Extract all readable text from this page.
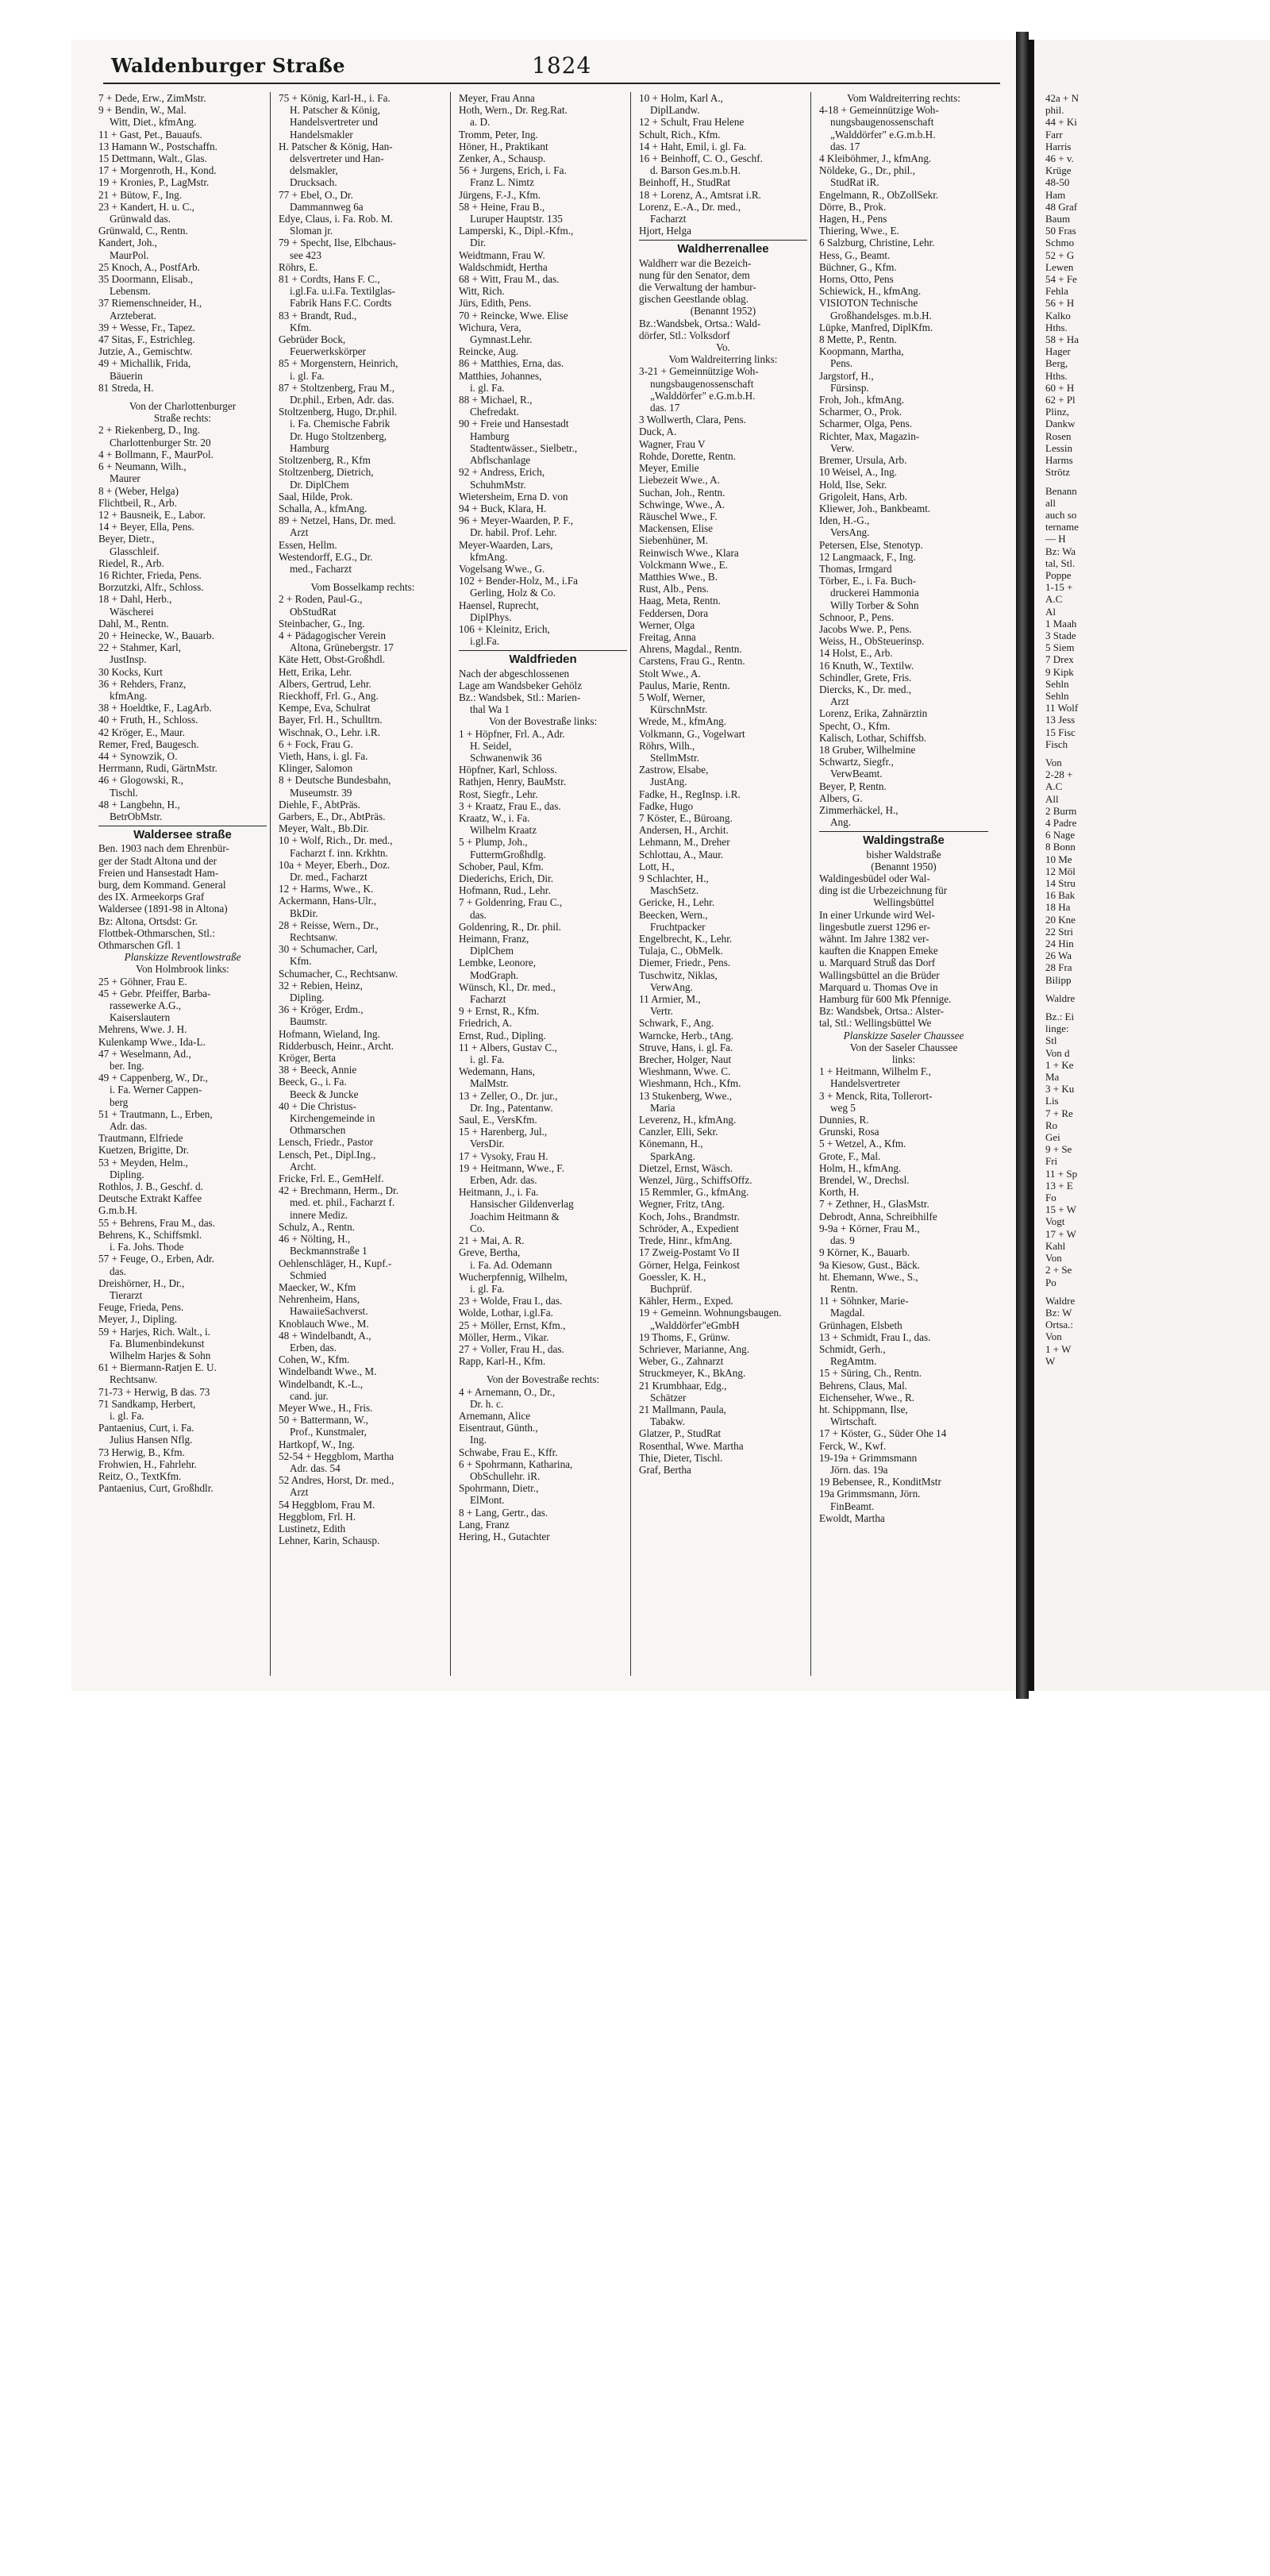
Waldenburger Straße	1824
7 + Dede, Erw., ZimMstr.
9 + Bendin, W., Mal.
Witt, Diet., kfmAng.
11 + Gast, Pet., Bauaufs.
13 Hamann W., Postschaffn.
15 Dettmann, Walt., Glas.
17 + Morgenroth, H., Kond.
19 + Kronies, P., LagMstr.
21 + Bütow, F., Ing.
23 + Kandert, H. u. C.,
Grünwald das.
Grünwald, C., Rentn.
Kandert, Joh.,
MaurPol.
25 Knoch, A., PostfArb.
35 Doormann, Elisab.,
Lebensm.
37 Riemenschneider, H.,
Arzteberat.
39 + Wesse, Fr., Tapez.
47 Sitas, F., Estrichleg.
Jutzie, A., Gemischtw.
49 + Michallik, Frida,
Bäuerin
81 Streda, H.
Von der Charlottenburger
Straße rechts:
2 + Riekenberg, D., Ing.
Charlottenburger Str. 20
4 + Bollmann, F., MaurPol.
6 + Neumann, Wilh.,
Maurer
8 + (Weber, Helga)
Flichtbeil, R., Arb.
12 + Bausneik, E., Labor.
14 + Beyer, Ella, Pens.
Beyer, Dietr.,
Glasschleif.
Riedel, R., Arb.
16 Richter, Frieda, Pens.
Borzutzki, Alfr., Schloss.
18 + Dahl, Herb.,
Wäscherei
Dahl, M., Rentn.
20 + Heinecke, W., Bauarb.
22 + Stahmer, Karl,
JustInsp.
30 Kocks, Kurt
36 + Rehders, Franz,
kfmAng.
38 + Hoeldtke, F., LagArb.
40 + Fruth, H., Schloss.
42 Kröger, E., Maur.
Remer, Fred, Baugesch.
44 + Synowzik, O.
Herrmann, Rudi, GärtnMstr.
46 + Glogowski, R.,
Tischl.
48 + Langbehn, H.,
BetrObMstr.
Waldersee straße
Ben. 1903 nach dem Ehrenbür-
ger der Stadt Altona und der
Freien und Hansestadt Ham-
burg, dem Kommand. General
des IX. Armeekorps Graf
Waldersee (1891-98 in Altona)
Bz: Altona, Ortsdst: Gr.
Flottbek-Othmarschen, Stl.:
Othmarschen Gfl. 1
Planskizze Reventlowstraße
Von Holmbrook links:
25 + Göhner, Frau E.
45 + Gebr. Pfeiffer, Barba-
rassewerke A.G.,
Kaiserslautern
Mehrens, Wwe. J. H.
Kulenkamp Wwe., Ida-L.
47 + Weselmann, Ad.,
ber. Ing.
49 + Cappenberg, W., Dr.,
i. Fa. Werner Cappen-
berg
51 + Trautmann, L., Erben,
Adr. das.
Trautmann, Elfriede
Kuetzen, Brigitte, Dr.
53 + Meyden, Helm.,
Dipling.
Rothlos, J. B., Geschf. d.
Deutsche Extrakt Kaffee
G.m.b.H.
55 + Behrens, Frau M., das.
Behrens, K., Schiffsmkl.
i. Fa. Johs. Thode
57 + Feuge, O., Erben, Adr.
das.
Dreishörner, H., Dr.,
Tierarzt
Feuge, Frieda, Pens.
Meyer, J., Dipling.
59 + Harjes, Rich. Walt., i.
Fa. Blumenbindekunst
Wilhelm Harjes & Sohn
61 + Biermann-Ratjen E. U.
Rechtsanw.
71-73 + Herwig, B das. 73
71 Sandkamp, Herbert,
i. gl. Fa.
Pantaenius, Curt, i. Fa.
Julius Hansen Nflg.
73 Herwig, B., Kfm.
Frohwien, H., Fahrlehr.
Reitz, O., TextKfm.
Pantaenius, Curt, Großhdlr.
75 + König, Karl-H., i. Fa.
H. Patscher & König,
Handelsvertreter und
Handelsmakler
H. Patscher & König, Han-
delsvertreter und Han-
delsmakler,
Drucksach.
77 + Ebel, O., Dr.
Dammannweg 6a
Edye, Claus, i. Fa. Rob. M.
Sloman jr.
79 + Specht, Ilse, Elbchaus-
see 423
Röhrs, E.
81 + Cordts, Hans F. C.,
i.gl.Fa. u.i.Fa. Textilglas-
Fabrik Hans F.C. Cordts
83 + Brandt, Rud.,
Kfm.
Gebrüder Bock,
Feuerwerkskörper
85 + Morgenstern, Heinrich,
i. gl. Fa.
87 + Stoltzenberg, Frau M.,
Dr.phil., Erben, Adr. das.
Stoltzenberg, Hugo, Dr.phil.
i. Fa. Chemische Fabrik
Dr. Hugo Stoltzenberg,
Hamburg
Stoltzenberg, R., Kfm
Stoltzenberg, Dietrich,
Dr. DiplChem
Saal, Hilde, Prok.
Schalla, A., kfmAng.
89 + Netzel, Hans, Dr. med.
Arzt
Essen, Hellm.
Westendorff, E.G., Dr.
med., Facharzt
Vom Bosselkamp rechts:
2 + Roden, Paul-G.,
ObStudRat
Steinbacher, G., Ing.
4 + Pädagogischer Verein
Altona, Grünebergstr. 17
Käte Hett, Obst-Großhdl.
Hett, Erika, Lehr.
Albers, Gertrud, Lehr.
Rieckhoff, Frl. G., Ang.
Kempe, Eva, Schulrat
Bayer, Frl. H., Schulltrn.
Wischnak, O., Lehr. i.R.
6 + Fock, Frau G.
Vieth, Hans, i. gl. Fa.
Klinger, Salomon
8 + Deutsche Bundesbahn,
Museumstr. 39
Diehle, F., AbtPräs.
Garbers, E., Dr., AbtPräs.
Meyer, Walt., Bb.Dir.
10 + Wolf, Rich., Dr. med.,
Facharzt f. inn. Krkhtn.
10a + Meyer, Eberh., Doz.
Dr. med., Facharzt
12 + Harms, Wwe., K.
Ackermann, Hans-Ulr.,
BkDir.
28 + Reisse, Wern., Dr.,
Rechtsanw.
30 + Schumacher, Carl,
Kfm.
Schumacher, C., Rechtsanw.
32 + Rebien, Heinz,
Dipling.
36 + Kröger, Erdm.,
Baumstr.
Hofmann, Wieland, Ing.
Ridderbusch, Heinr., Archt.
Kröger, Berta
38 + Beeck, Annie
Beeck, G., i. Fa.
Beeck & Juncke
40 + Die Christus-
Kirchengemeinde in
Othmarschen
Lensch, Friedr., Pastor
Lensch, Pet., Dipl.Ing.,
Archt.
Fricke, Frl. E., GemHelf.
42 + Brechmann, Herm., Dr.
med. et. phil., Facharzt f.
innere Mediz.
Schulz, A., Rentn.
46 + Nölting, H.,
Beckmannstraße 1
Oehlenschläger, H., Kupf.-
Schmied
Maecker, W., Kfm
Nehrenheim, Hans,
HawaiieSachverst.
Knoblauch Wwe., M.
48 + Windelbandt, A.,
Erben, das.
Cohen, W., Kfm.
Windelbandt Wwe., M.
Windelbandt, K.-L.,
cand. jur.
Meyer Wwe., H., Fris.
50 + Battermann, W.,
Prof., Kunstmaler,
Hartkopf, W., Ing.
52-54 + Heggblom, Martha
Adr. das. 54
52 Andres, Horst, Dr. med.,
Arzt
54 Heggblom, Frau M.
Heggblom, Frl. H.
Lustinetz, Edith
Lehner, Karin, Schausp.
Meyer, Frau Anna
Hoth, Wern., Dr. Reg.Rat.
a. D.
Tromm, Peter, Ing.
Höner, H., Praktikant
Zenker, A., Schausp.
56 + Jurgens, Erich, i. Fa.
Franz L. Nimtz
Jürgens, F.-J., Kfm.
58 + Heine, Frau B.,
Luruper Hauptstr. 135
Lamperski, K., Dipl.-Kfm.,
Dir.
Weidtmann, Frau W.
Waldschmidt, Hertha
68 + Witt, Frau M., das.
Witt, Rich.
Jürs, Edith, Pens.
70 + Reincke, Wwe. Elise
Wichura, Vera,
Gymnast.Lehr.
Reincke, Aug.
86 + Matthies, Erna, das.
Matthies, Johannes,
i. gl. Fa.
88 + Michael, R.,
Chefredakt.
90 + Freie und Hansestadt
Hamburg
Stadtentwässer., Sielbetr.,
Abflschanlage
92 + Andress, Erich,
SchuhmMstr.
Wietersheim, Erna D. von
94 + Buck, Klara, H.
96 + Meyer-Waarden, P. F.,
Dr. habil. Prof. Lehr.
Meyer-Waarden, Lars,
kfmAng.
Vogelsang Wwe., G.
102 + Bender-Holz, M., i.Fa
Gerling, Holz & Co.
Haensel, Ruprecht,
DiplPhys.
106 + Kleinitz, Erich,
i.gl.Fa.
Waldfrieden
Nach der abgeschlossenen
Lage am Wandsbeker Gehölz
Bz.: Wandsbek, Stl.: Marien-
thal Wa 1
Von der Bovestraße links:
1 + Höpfner, Frl. A., Adr.
H. Seidel,
Schwanenwik 36
Höpfner, Karl, Schloss.
Rathjen, Henry, BauMstr.
Rost, Siegfr., Lehr.
3 + Kraatz, Frau E., das.
Kraatz, W., i. Fa.
Wilhelm Kraatz
5 + Plump, Joh.,
FuttermGroßhdlg.
Schober, Paul, Kfm.
Diederichs, Erich, Dir.
Hofmann, Rud., Lehr.
7 + Goldenring, Frau C.,
das.
Goldenring, R., Dr. phil.
Heimann, Franz,
DiplChem
Lembke, Leonore,
ModGraph.
Wünsch, Kl., Dr. med.,
Facharzt
9 + Ernst, R., Kfm.
Friedrich, A.
Ernst, Rud., Dipling.
11 + Albers, Gustav C.,
i. gl. Fa.
Wedemann, Hans,
MalMstr.
13 + Zeller, O., Dr. jur.,
Dr. Ing., Patentanw.
Saul, E., VersKfm.
15 + Harenberg, Jul.,
VersDir.
17 + Vysoky, Frau H.
19 + Heitmann, Wwe., F.
Erben, Adr. das.
Heitmann, J., i. Fa.
Hansischer Gildenverlag
Joachim Heitmann &
Co.
21 + Mai, A. R.
Greve, Bertha,
i. Fa. Ad. Odemann
Wucherpfennig, Wilhelm,
i. gl. Fa.
23 + Wolde, Frau I., das.
Wolde, Lothar, i.gl.Fa.
25 + Möller, Ernst, Kfm.,
Möller, Herm., Vikar.
27 + Voller, Frau H., das.
Rapp, Karl-H., Kfm.
Von der Bovestraße rechts:
4 + Arnemann, O., Dr.,
Dr. h. c.
Arnemann, Alice
Eisentraut, Günth.,
Ing.
Schwabe, Frau E., Kffr.
6 + Spohrmann, Katharina,
ObSchullehr. iR.
Spohrmann, Dietr.,
ElMont.
8 + Lang, Gertr., das.
Lang, Franz
Hering, H., Gutachter
10 + Holm, Karl A.,
DiplLandw.
12 + Schult, Frau Helene
Schult, Rich., Kfm.
14 + Haht, Emil, i. gl. Fa.
16 + Beinhoff, C. O., Geschf.
d. Barson Ges.m.b.H.
Beinhoff, H., StudRat
18 + Lorenz, A., Amtsrat i.R.
Lorenz, E.-A., Dr. med.,
Facharzt
Hjort, Helga
Waldherrenallee
Waldherr war die Bezeich-
nung für den Senator, dem
die Verwaltung der hambur-
gischen Geestlande oblag.
(Benannt 1952)
Bz.:Wandsbek, Ortsa.: Wald-
dörfer, Stl.: Volksdorf
Vo.
Vom Waldreiterring links:
3-21 + Gemeinnützige Woh-
nungsbaugenossenschaft
„Walddörfer" e.G.m.b.H.
das. 17
3 Wollwerth, Clara, Pens.
Duck, A.
Wagner, Frau V
Rohde, Dorette, Rentn.
Meyer, Emilie
Liebezeit Wwe., A.
Suchan, Joh., Rentn.
Schwinge, Wwe., A.
Räuschel Wwe., F.
Mackensen, Elise
Siebenhüner, M.
Reinwisch Wwe., Klara
Volckmann Wwe., E.
Matthies Wwe., B.
Rust, Alb., Pens.
Haag, Meta, Rentn.
Feddersen, Dora
Werner, Olga
Freitag, Anna
Ahrens, Magdal., Rentn.
Carstens, Frau G., Rentn.
Stolt Wwe., A.
Paulus, Marie, Rentn.
5 Wolf, Werner,
KürschnMstr.
Wrede, M., kfmAng.
Volkmann, G., Vogelwart
Röhrs, Wilh.,
StellmMstr.
Zastrow, Elsabe,
JustAng.
Fadke, H., RegInsp. i.R.
Fadke, Hugo
7 Köster, E., Büroang.
Andersen, H., Archit.
Lehmann, M., Dreher
Schlottau, A., Maur.
Lott, H.,
9 Schlachter, H.,
MaschSetz.
Gericke, H., Lehr.
Beecken, Wern.,
Fruchtpacker
Engelbrecht, K., Lehr.
Tulaja, C., ObMelk.
Diemer, Friedr., Pens.
Tuschwitz, Niklas,
VerwAng.
11 Armier, M.,
Vertr.
Schwark, F., Ang.
Warncke, Herb., tAng.
Struve, Hans, i. gl. Fa.
Brecher, Holger, Naut
Wieshmann, Wwe. C.
Wieshmann, Hch., Kfm.
13 Stukenberg, Wwe.,
Maria
Leverenz, H., kfmAng.
Canzler, Elli, Sekr.
Könemann, H.,
SparkAng.
Dietzel, Ernst, Wäsch.
Wenzel, Jürg., SchiffsOffz.
15 Remmler, G., kfmAng.
Wegner, Fritz, tAng.
Koch, Johs., Brandmstr.
Schröder, A., Expedient
Trede, Hinr., kfmAng.
17 Zweig-Postamt Vo II
Görner, Helga, Feinkost
Goessler, K. H.,
Buchprüf.
Kähler, Herm., Exped.
19 + Gemeinn. Wohnungsbaugen.
„Walddörfer"eGmbH
19 Thoms, F., Grünw.
Schriever, Marianne, Ang.
Weber, G., Zahnarzt
Struckmeyer, K., BkAng.
21 Krumbhaar, Edg.,
Schätzer
21 Mallmann, Paula,
Tabakw.
Glatzer, P., StudRat
Rosenthal, Wwe. Martha
Thie, Dieter, Tischl.
Graf, Bertha
Vom Waldreiterring rechts:
4-18 + Gemeinnützige Woh-
nungsbaugenossenschaft
„Walddörfer" e.G.m.b.H.
das. 17
4 Kleiböhmer, J., kfmAng.
Nöldeke, G., Dr., phil.,
StudRat iR.
Engelmann, R., ObZollSekr.
Dörre, B., Prok.
Hagen, H., Pens
Thiering, Wwe., E.
6 Salzburg, Christine, Lehr.
Hess, G., Beamt.
Büchner, G., Kfm.
Horns, Otto, Pens
Schiewick, H., kfmAng.
VISIOTON Technische
Großhandelsges. m.b.H.
Lüpke, Manfred, DiplKfm.
8 Mette, P., Rentn.
Koopmann, Martha,
Pens.
Jargstorf, H.,
Fürsinsp.
Froh, Joh., kfmAng.
Scharmer, O., Prok.
Scharmer, Olga, Pens.
Richter, Max, Magazin-
Verw.
Bremer, Ursula, Arb.
10 Weisel, A., Ing.
Hold, Ilse, Sekr.
Grigoleit, Hans, Arb.
Kliewer, Joh., Bankbeamt.
Iden, H.-G.,
VersAng.
Petersen, Else, Stenotyp.
12 Langmaack, F., Ing.
Thomas, Irmgard
Törber, E., i. Fa. Buch-
druckerei Hammonia
Willy Torber & Sohn
Schnoor, P., Pens.
Jacobs Wwe. P., Pens.
Weiss, H., ObSteuerinsp.
14 Holst, E., Arb.
16 Knuth, W., Textilw.
Schindler, Grete, Fris.
Diercks, K., Dr. med.,
Arzt
Lorenz, Erika, Zahnärztin
Specht, O., Kfm.
Kalisch, Lothar, Schiffsb.
18 Gruber, Wilhelmine
Schwartz, Siegfr.,
VerwBeamt.
Beyer, P, Rentn.
Albers, G.
Zimmerhäckel, H.,
Ang.
Waldingstraße
bisher Waldstraße
(Benannt 1950)
Waldingesbüdel oder Wal-
ding ist die Urbezeichnung für
Wellingsbüttel
In einer Urkunde wird Wel-
lingesbutle zuerst 1296 er-
wähnt. Im Jahre 1382 ver-
kauften die Knappen Emeke
u. Marquard Struß das Dorf
Wallingsbüttel an die Brüder
Marquard u. Thomas Ove in
Hamburg für 600 Mk Pfennige.
Bz: Wandsbek, Ortsa.: Alster-
tal, Stl.: Wellingsbüttel We
Planskizze Saseler Chaussee
Von der Saseler Chaussee
links:
1 + Heitmann, Wilhelm F.,
Handelsvertreter
3 + Menck, Rita, Tollerort-
weg 5
Dunnies, R.
Grunski, Rosa
5 + Wetzel, A., Kfm.
Grote, F., Mal.
Holm, H., kfmAng.
Brendel, W., Drechsl.
Korth, H.
7 + Zethner, H., GlasMstr.
Debrodt, Anna, Schreibhilfe
9-9a + Körner, Frau M.,
das. 9
9 Körner, K., Bauarb.
9a Kiesow, Gust., Bäck.
ht. Ehemann, Wwe., S.,
Rentn.
11 + Söhnker, Marie-
Magdal.
Grünhagen, Elsbeth
13 + Schmidt, Frau I., das.
Schmidt, Gerh.,
RegAmtm.
15 + Süring, Ch., Rentn.
Behrens, Claus, Mal.
Eichenseher, Wwe., R.
ht. Schippmann, Ilse,
Wirtschaft.
17 + Köster, G., Süder Ohe 14
Ferck, W., Kwf.
19-19a + Grimmsmann
Jörn. das. 19a
19 Bebensee, R., KonditMstr
19a Grimmsmann, Jörn.
FinBeamt.
Ewoldt, Martha
42a + N
phil.
44 + Ki
Farr
Harris
46 + v.
Krüge
48-50
Ham
48 Graf
Baum
50 Fras
Schmo
52 + G
Lewen
54 + Fe
Fehla
56 + H
Kalko
Hths.
58 + Ha
Hager
Berg,
Hths.
60 + H
62 + Pl
Plinz,
Dankw
Rosen
Lessin
Harms
Strötz
Benann
all
auch so
tername
— H
Bz: Wa
tal, Stl.
Poppe
1-15 +
A.C
Al
1 Maah
3 Stade
5 Siem
7 Drex
9 Kipk
Sehln
Sehln
11 Wolf
13 Jess
15 Fisc
Fisch
Von
2-28 +
A.C
All
2 Burm
4 Padre
6 Nage
8 Bonn
10 Me
12 Möl
14 Stru
16 Bak
18 Ha
20 Kne
22 Stri
24 Hin
26 Wa
28 Fra
Bilipp
Waldre
Bz.: Ei
linge:
Stl
Von d
1 + Ke
Ma
3 + Ku
Lis
7 + Re
Ro
Gei
9 + Se
Fri
11 + Sp
13 + E
Fo
15 + W
Vogt
17 + W
Kahl
Von
2 + Se
Po
Waldre
Bz: W
Ortsa.:
Von
1 + W
W
